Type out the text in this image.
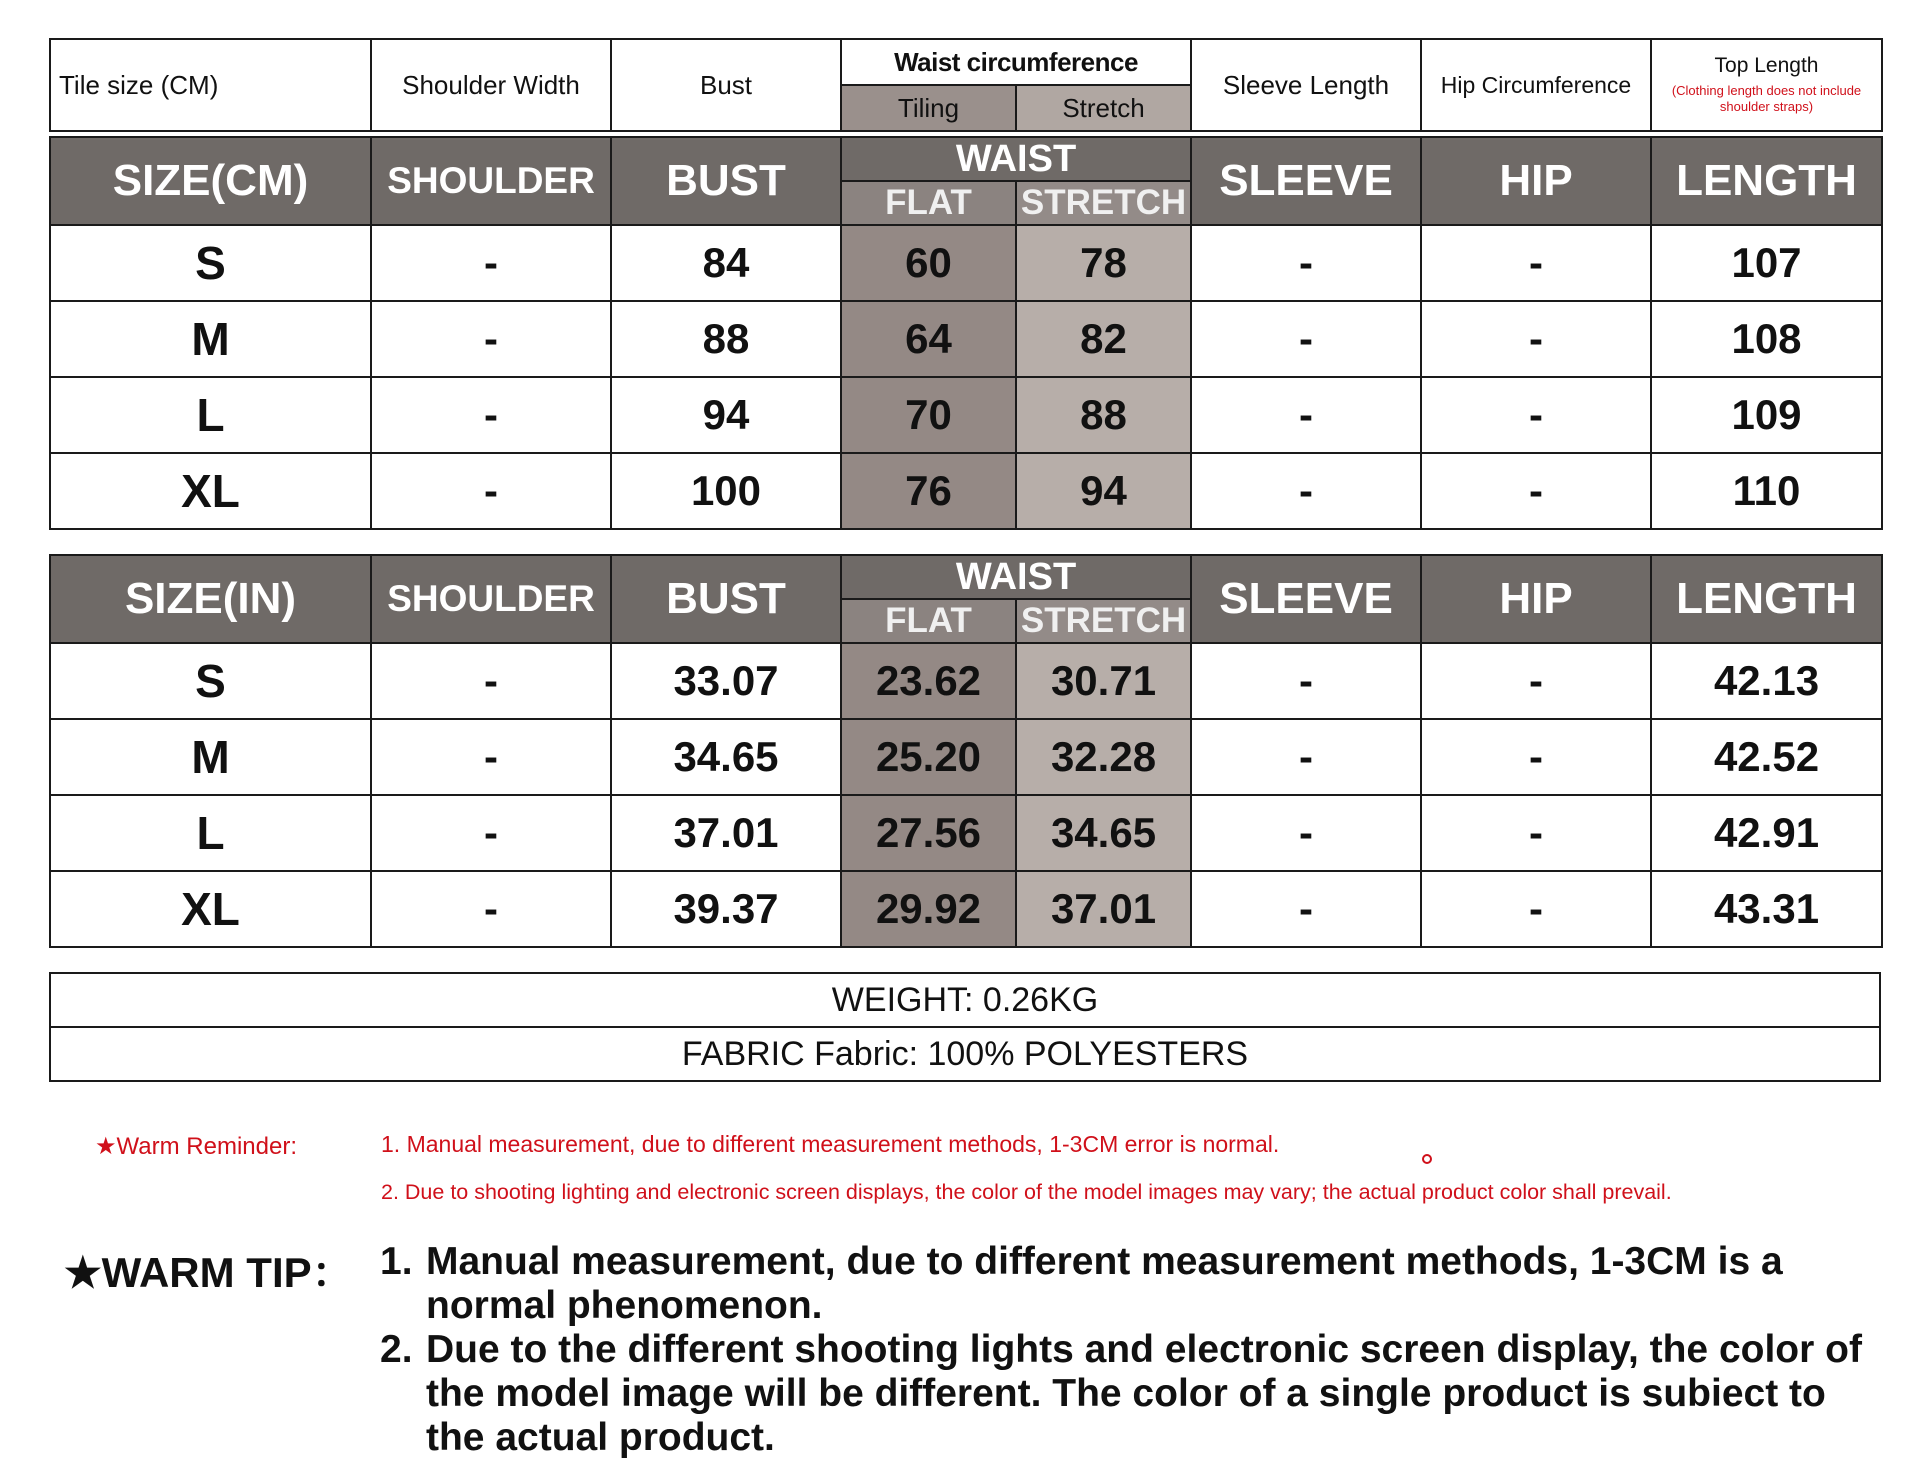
Tile size (CM)	Shoulder Width	Bust	Waist circumference		Sleeve Length	Hip Circumference	Top Length
(Clothing length does not include shoulder straps)

			Tiling	Stretch			
SIZE(CM)	SHOULDER	BUST	WAIST		SLEEVE	HIP	LENGTH
			FLAT	STRETCH			
S	-	84	60	78	-	-	107
M	-	88	64	82	-	-	108
L	-	94	70	88	-	-	109
XL	-	100	76	94	-	-	110
SIZE(IN)	SHOULDER	BUST	WAIST		SLEEVE	HIP	LENGTH
			FLAT	STRETCH			
S	-	33.07	23.62	30.71	-	-	42.13
M	-	34.65	25.20	32.28	-	-	42.52
L	-	37.01	27.56	34.65	-	-	42.91
XL	-	39.37	29.92	37.01	-	-	43.31
WEIGHT: 0.26KG
FABRIC Fabric: 100% POLYESTERS
★Warm Reminder:	1. Manual measurement, due to different measurement methods, 1-3CM error is normal.
2. Due to shooting lighting and electronic screen displays, the color of the model images may vary; the actual product color shall prevail.
★WARM TIP： 1. Manual measurement, due to different measurement methods, 1-3CM is a normal phenomenon.
2. Due to the different shooting lights and electronic screen display, the color of the model image will be different. The color of a single product is subiect to the actual product.
